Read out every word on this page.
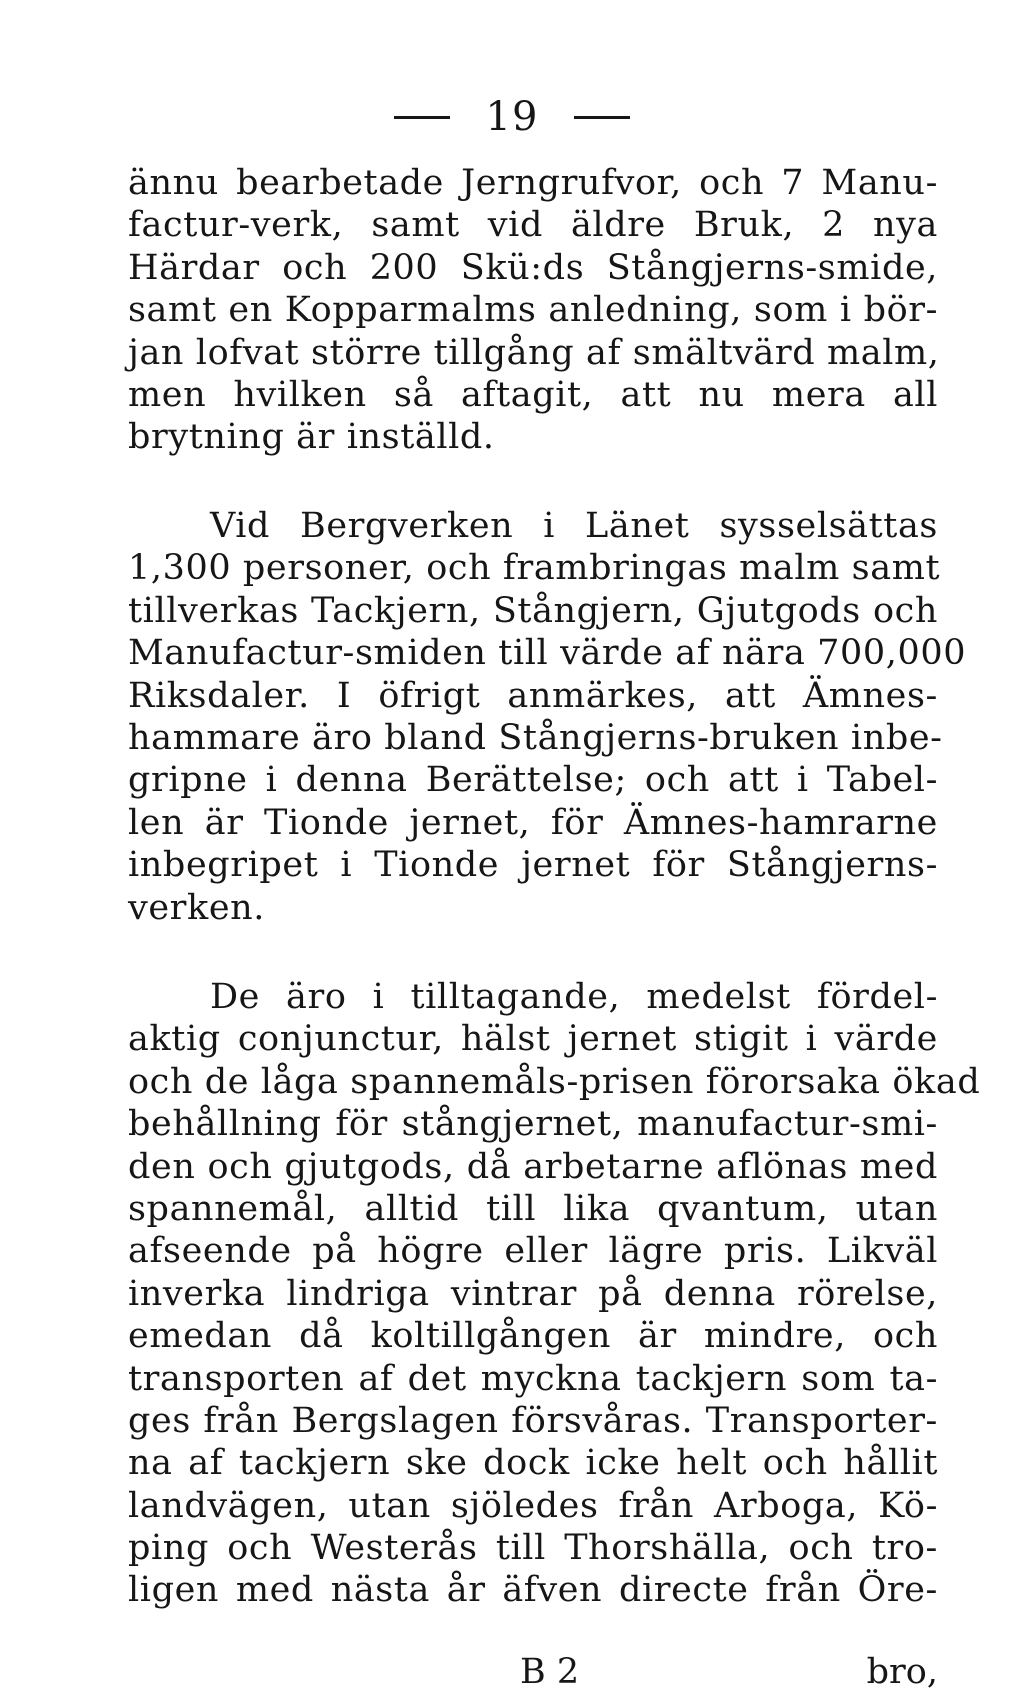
19
ännu bearbetade Jerngrufvor, och 7 Manu-
factur-verk, samt vid äldre Bruk, 2 nya
Härdar och 200 Skü:ds Stångjerns-smide,
samt en Kopparmalms anledning, som i bör-
jan lofvat större tillgång af smältvärd malm,
men hvilken så aftagit, att nu mera all
brytning är inställd.
Vid Bergverken i Länet sysselsättas
1,300 personer, och frambringas malm samt
tillverkas Tackjern, Stångjern, Gjutgods och
Manufactur-smiden till värde af nära 700,000
Riksdaler. I öfrigt anmärkes, att Ämnes-
hammare äro bland Stångjerns-bruken inbe-
gripne i denna Berättelse; och att i Tabel-
len är Tionde jernet, för Ämnes-hamrarne
inbegripet i Tionde jernet för Stångjerns-
verken.
De äro i tilltagande, medelst fördel-
aktig conjunctur, hälst jernet stigit i värde
och de låga spannemåls-prisen förorsaka ökad
behållning för stångjernet, manufactur-smi-
den och gjutgods, då arbetarne aflönas med
spannemål, alltid till lika qvantum, utan
afseende på högre eller lägre pris. Likväl
inverka lindriga vintrar på denna rörelse,
emedan då koltillgången är mindre, och
transporten af det myckna tackjern som ta-
ges från Bergslagen försvåras. Transporter-
na af tackjern ske dock icke helt och hållit
landvägen, utan sjöledes från Arboga, Kö-
ping och Westerås till Thorshälla, och tro-
ligen med nästa år äfven directe från Öre-
B 2	bro,
